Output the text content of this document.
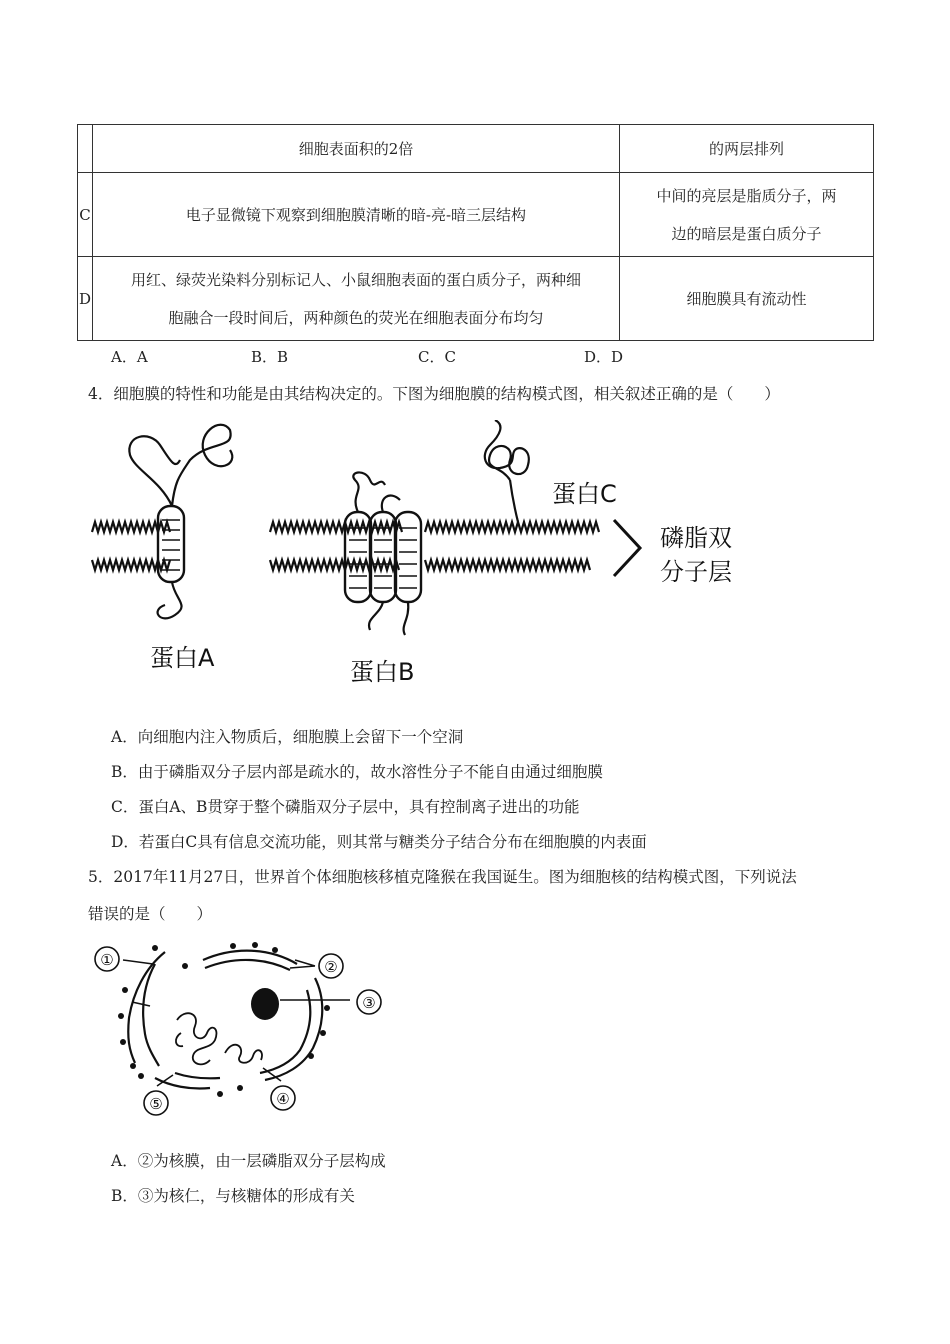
	细胞表面积的2倍	的两层排列
C	电子显微镜下观察到细胞膜清晰的暗-亮-暗三层结构	中间的亮层是脂质分子，两
边的暗层是蛋白质分子

D	用红、绿荧光染料分别标记人、小鼠细胞表面的蛋白质分子，两种细
胞融合一段时间后，两种颜色的荧光在细胞表面分布均匀	细胞膜具有流动性
A．A	B．B	C．C	D．D
4．细胞膜的特性和功能是由其结构决定的。下图为细胞膜的结构模式图，相关叙述正确的是（　　）
蛋白C
磷脂双
分子层
蛋白A	蛋白B
A．向细胞内注入物质后，细胞膜上会留下一个空洞
B．由于磷脂双分子层内部是疏水的，故水溶性分子不能自由通过细胞膜
C．蛋白A、B贯穿于整个磷脂双分子层中，具有控制离子进出的功能
D．若蛋白C具有信息交流功能，则其常与糖类分子结合分布在细胞膜的内表面
5．2017年11月27日，世界首个体细胞核移植克隆猴在我国诞生。图为细胞核的结构模式图，下列说法
错误的是（　　）
①	②
③
④
⑤
A．②为核膜，由一层磷脂双分子层构成
B．③为核仁，与核糖体的形成有关
